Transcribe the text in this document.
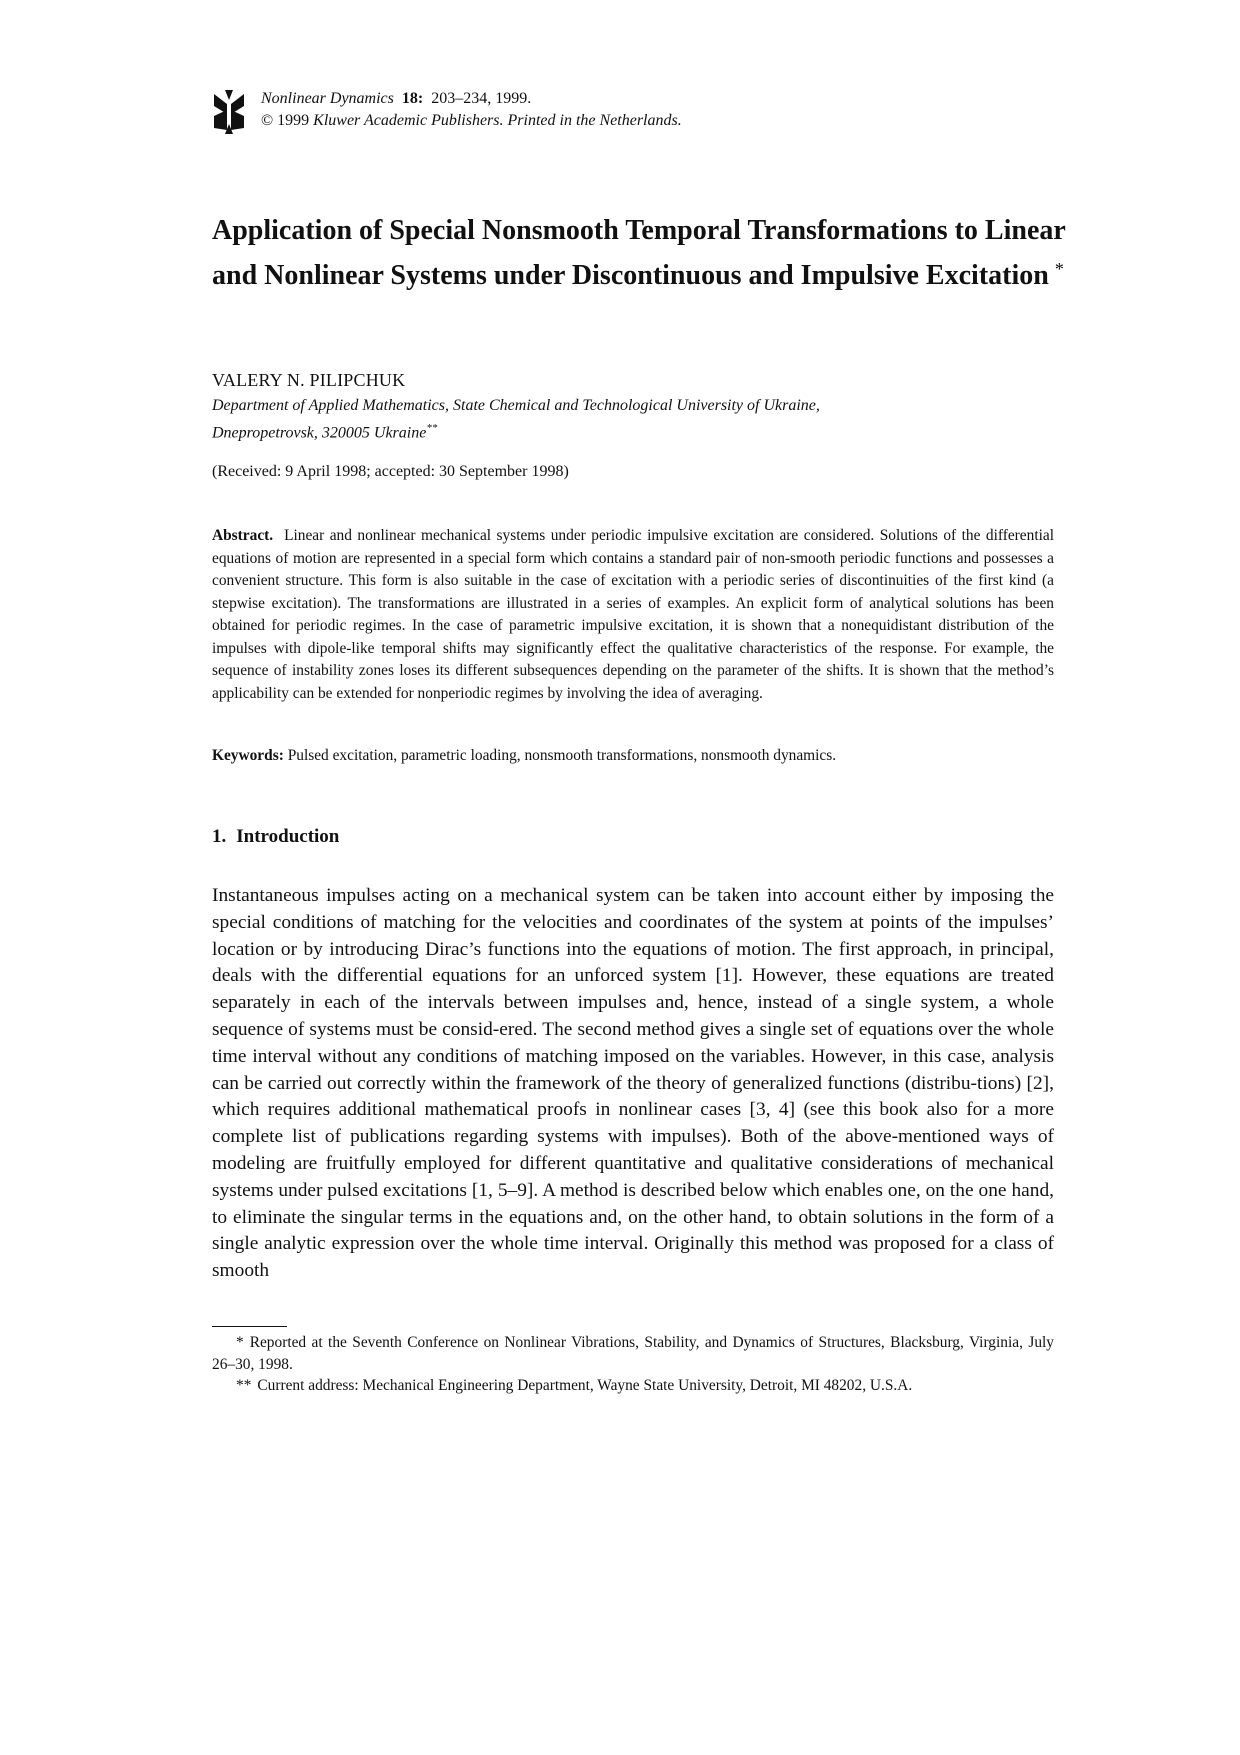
Nonlinear Dynamics 18: 203–234, 1999.
© 1999 Kluwer Academic Publishers. Printed in the Netherlands.
Application of Special Nonsmooth Temporal Transformations to Linear and Nonlinear Systems under Discontinuous and Impulsive Excitation *
VALERY N. PILIPCHUK
Department of Applied Mathematics, State Chemical and Technological University of Ukraine,
Dnepropetrovsk, 320005 Ukraine**
(Received: 9 April 1998; accepted: 30 September 1998)
Abstract. Linear and nonlinear mechanical systems under periodic impulsive excitation are considered. Solutions of the differential equations of motion are represented in a special form which contains a standard pair of non-smooth periodic functions and possesses a convenient structure. This form is also suitable in the case of excitation with a periodic series of discontinuities of the first kind (a stepwise excitation). The transformations are illustrated in a series of examples. An explicit form of analytical solutions has been obtained for periodic regimes. In the case of parametric impulsive excitation, it is shown that a nonequidistant distribution of the impulses with dipole-like temporal shifts may significantly effect the qualitative characteristics of the response. For example, the sequence of instability zones loses its different subsequences depending on the parameter of the shifts. It is shown that the method’s applicability can be extended for nonperiodic regimes by involving the idea of averaging.
Keywords: Pulsed excitation, parametric loading, nonsmooth transformations, nonsmooth dynamics.
1. Introduction
Instantaneous impulses acting on a mechanical system can be taken into account either by imposing the special conditions of matching for the velocities and coordinates of the system at points of the impulses’ location or by introducing Dirac’s functions into the equations of motion. The first approach, in principal, deals with the differential equations for an unforced system [1]. However, these equations are treated separately in each of the intervals between impulses and, hence, instead of a single system, a whole sequence of systems must be consid-ered. The second method gives a single set of equations over the whole time interval without any conditions of matching imposed on the variables. However, in this case, analysis can be carried out correctly within the framework of the theory of generalized functions (distribu-tions) [2], which requires additional mathematical proofs in nonlinear cases [3, 4] (see this book also for a more complete list of publications regarding systems with impulses). Both of the above-mentioned ways of modeling are fruitfully employed for different quantitative and qualitative considerations of mechanical systems under pulsed excitations [1, 5–9]. A method is described below which enables one, on the one hand, to eliminate the singular terms in the equations and, on the other hand, to obtain solutions in the form of a single analytic expression over the whole time interval. Originally this method was proposed for a class of smooth
* Reported at the Seventh Conference on Nonlinear Vibrations, Stability, and Dynamics of Structures, Blacksburg, Virginia, July 26–30, 1998.
** Current address: Mechanical Engineering Department, Wayne State University, Detroit, MI 48202, U.S.A.
